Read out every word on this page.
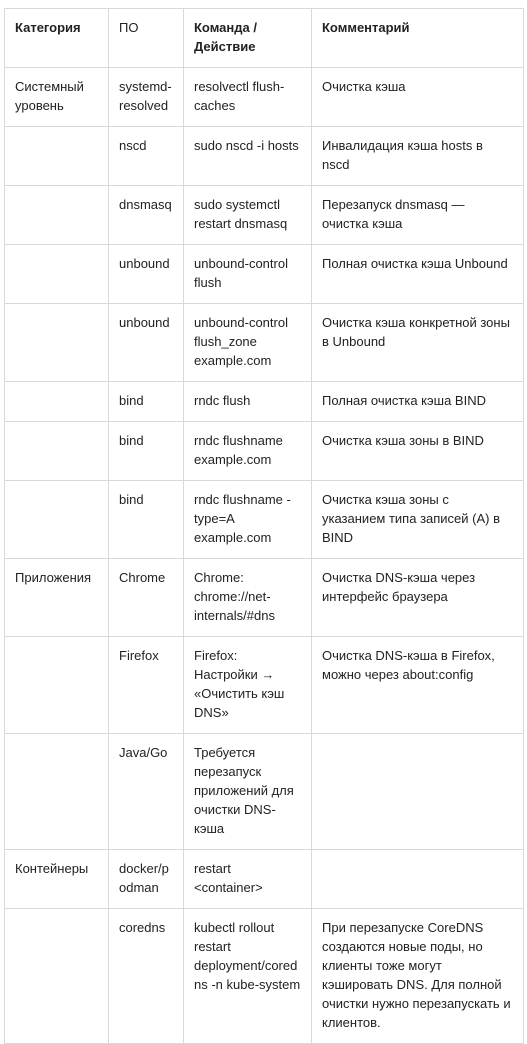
Категория	ПО	Команда / Действие	Комментарий
Системный уровень	systemd-resolved	resolvectl flush-caches	Очистка кэша
	nscd	sudo nscd -i hosts	Инвалидация кэша hosts в nscd
	dnsmasq	sudo systemctl restart dnsmasq	Перезапуск dnsmasq — очистка кэша
	unbound	unbound-control flush	Полная очистка кэша Unbound
	unbound	unbound-control flush_zone example.com	Очистка кэша конкретной зоны в Unbound
	bind	rndc flush	Полная очистка кэша BIND
	bind	rndc flushname example.com	Очистка кэша зоны в BIND
	bind	rndc flushname -type=A example.com	Очистка кэша зоны с указанием типа записей (A) в BIND
Приложения	Chrome	Chrome: chrome://net-internals/#dns	Очистка DNS-кэша через интерфейс браузера
	Firefox	Firefox: Настройки → «Очистить кэш DNS»	Очистка DNS-кэша в Firefox, можно через about:config
	Java/Go	Требуется перезапуск приложений для очистки DNS-кэша	
Контейнеры	docker/podman	restart <container>	
	coredns	kubectl rollout restart deployment/coredns -n kube-system	При перезапуске CoreDNS создаются новые поды, но клиенты тоже могут кэшировать DNS. Для полной очистки нужно перезапускать и клиентов.
